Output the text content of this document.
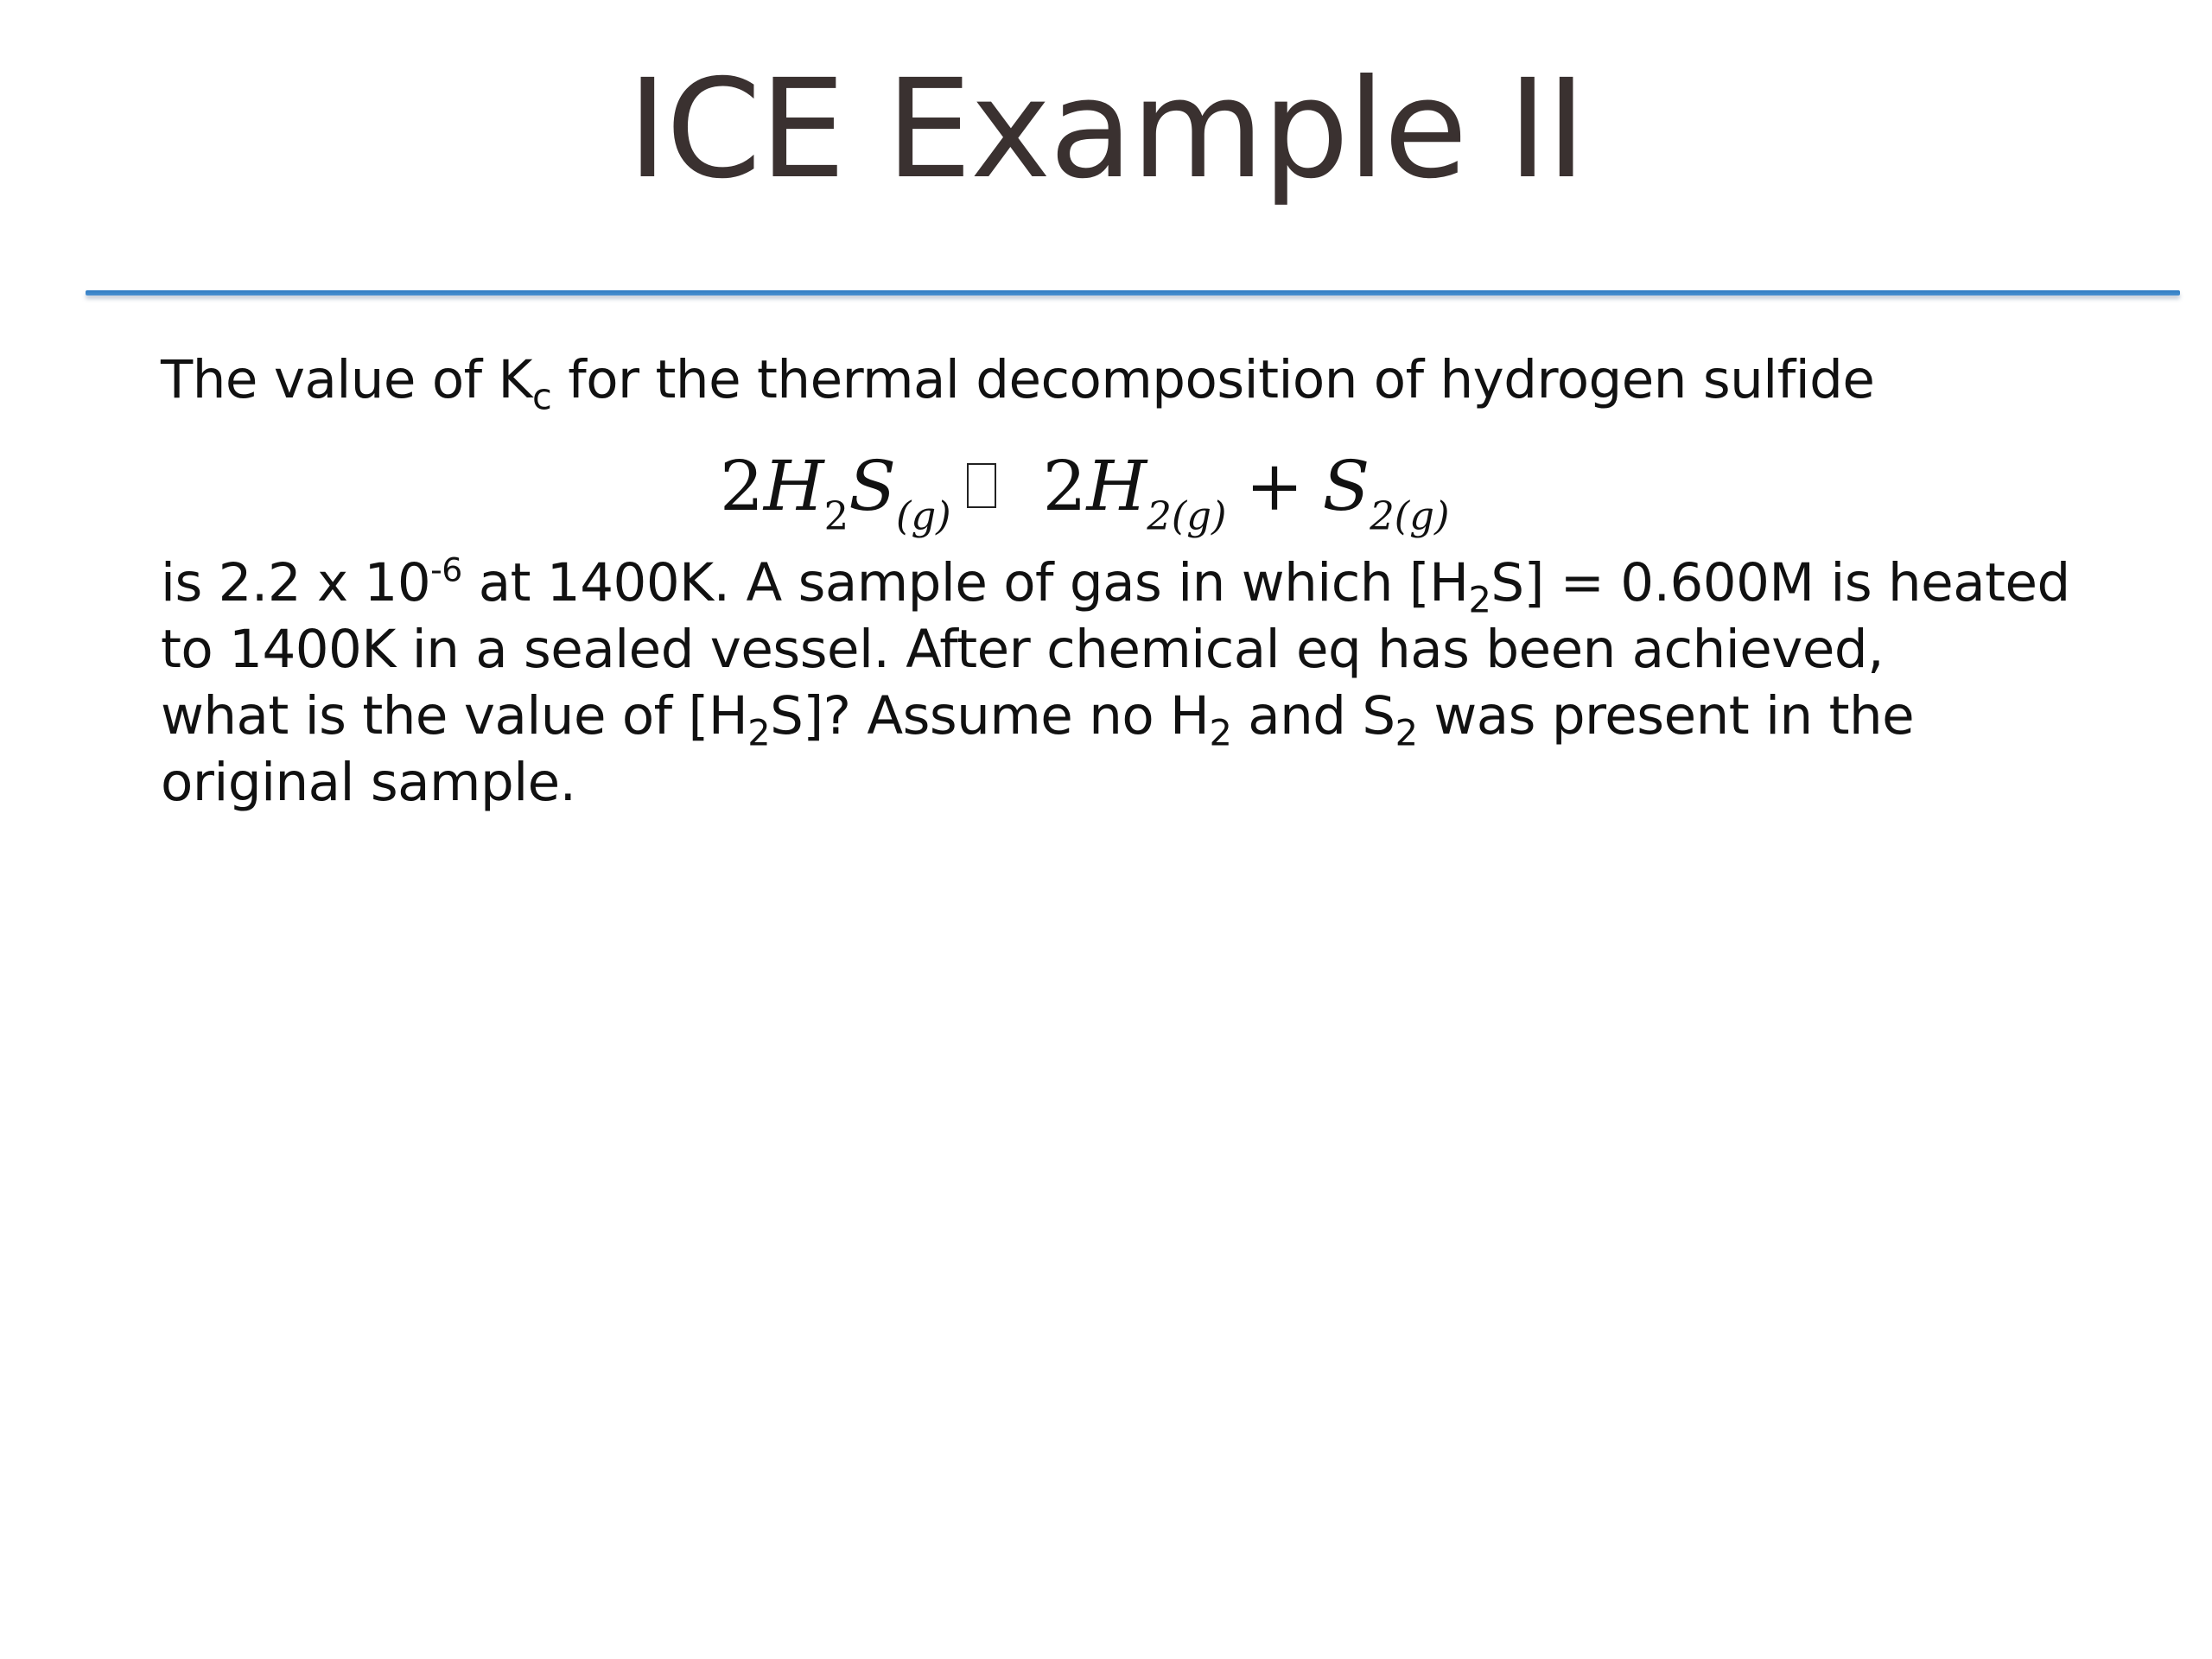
ICE Example II

The value of $K_c$ for the thermal decomposition of hydrogen sulfide

$2H_2S_{(g)}$ $2H_{2(g)} + S_{2(g)}$

is 2.2 x $10^{-6}$ at 1400K. A sample of gas in which $[H_2S] = 0.600M$ is heated

to 1400K in a sealed vessel. After chemical eq has been achieved,

what is the value of $[H_2S]$? Assume no $H_2$ and $S_2$ was present in the

original sample.
